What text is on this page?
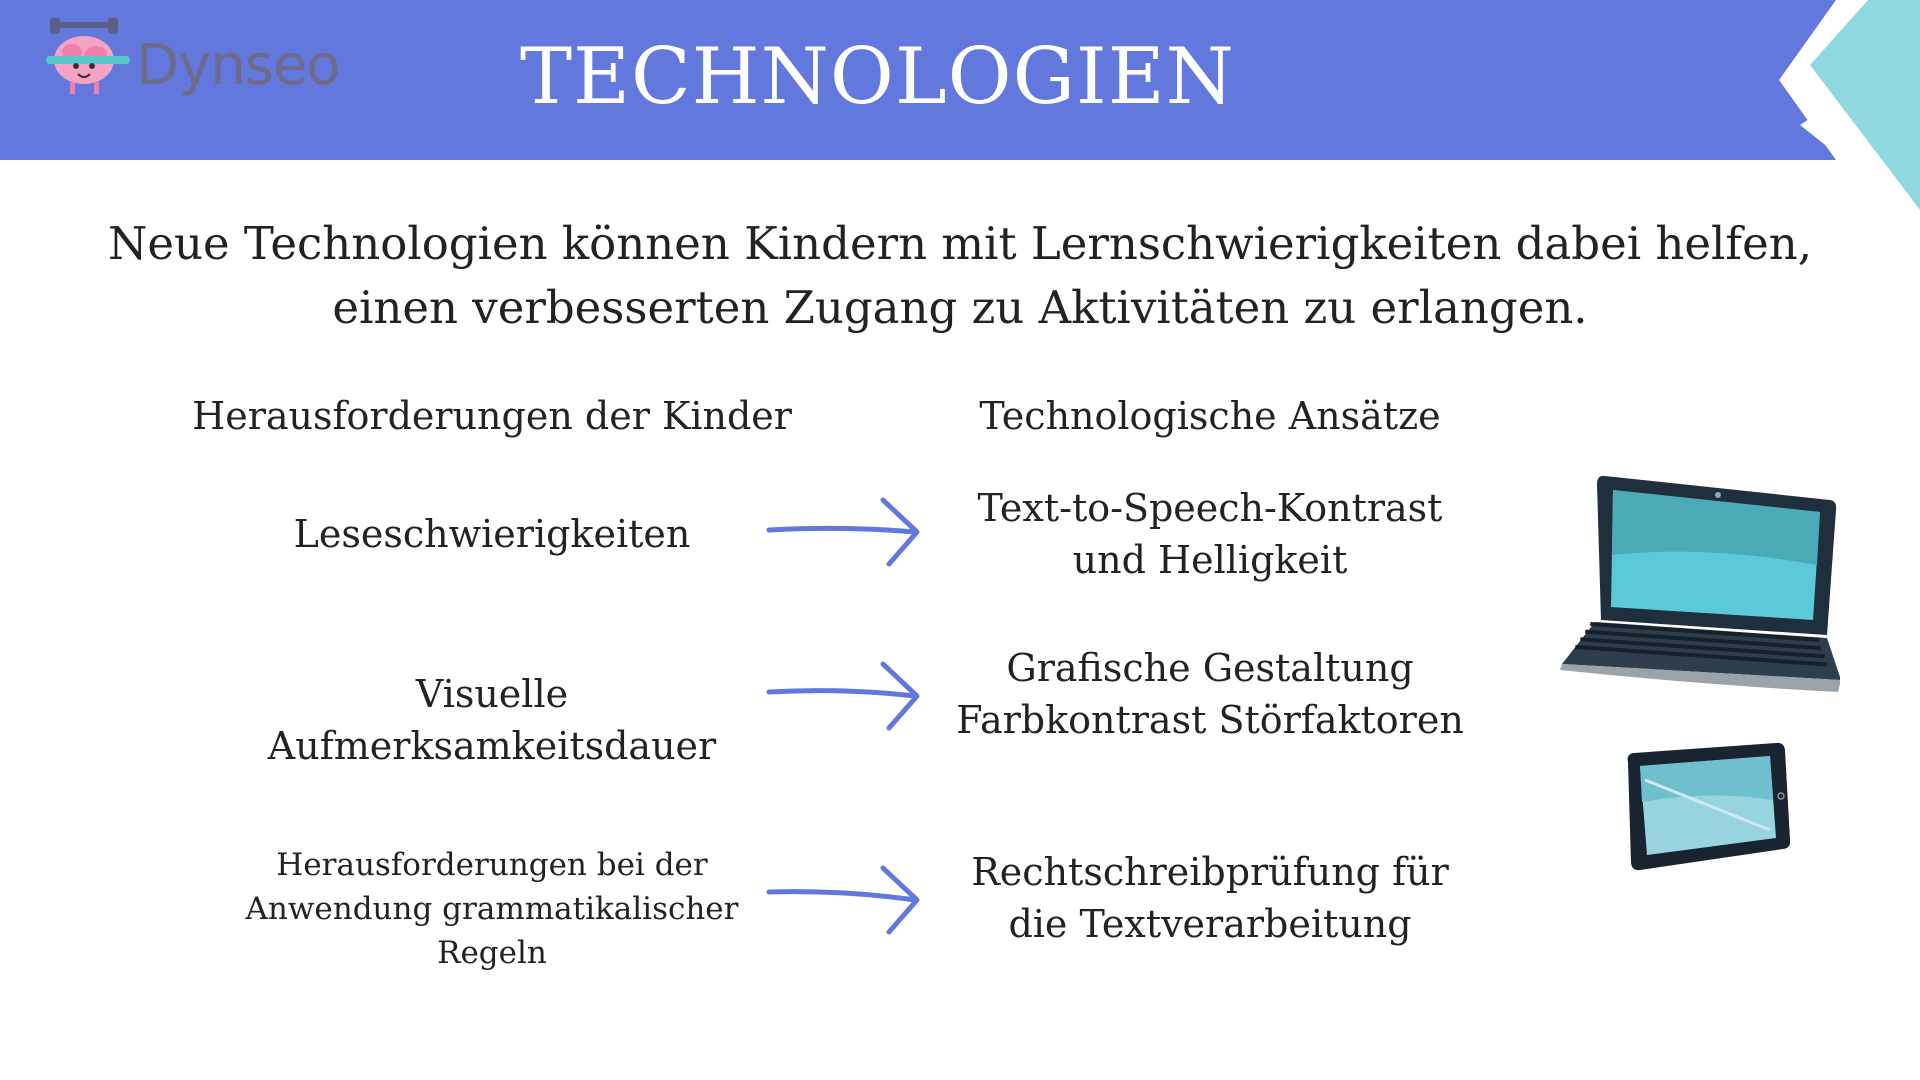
Dynseo TECHNOLOGIEN

Neue Technologien können Kindern mit Lernschwierigkeiten dabei helfen,
einen verbesserten Zugang zu Aktivitäten zu erlangen.

Herausforderungen der Kinder	Technologische Ansätze
Leseschwierigkeiten
Text-to-Speech-Kontrast
und Helligkeit
Visuelle
Aufmerksamkeitsdauer
Grafische Gestaltung
Farbkontrast Störfaktoren
Herausforderungen bei der
Anwendung grammatikalischer
Regeln
Rechtschreibprüfung für
die Textverarbeitung
